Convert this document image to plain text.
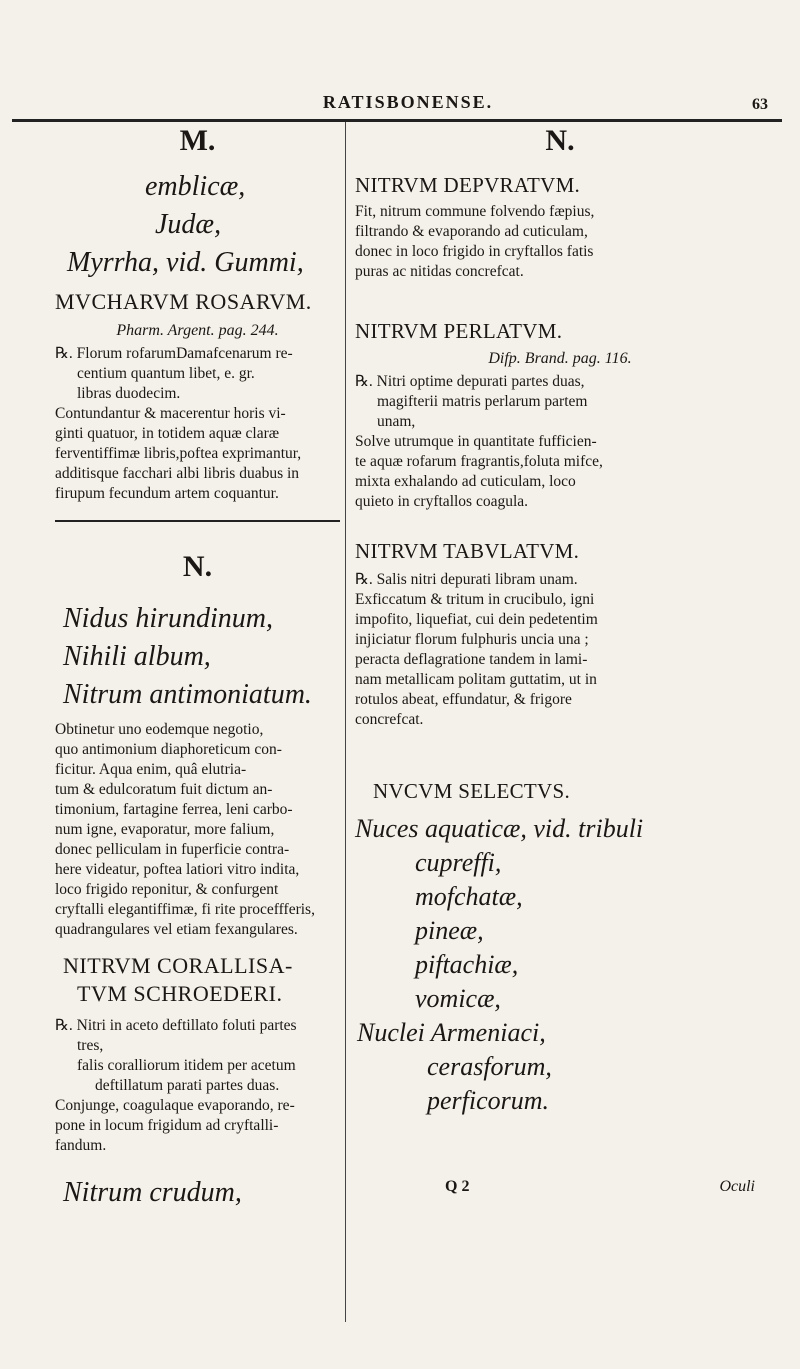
RATISBONENSE.	63

M.

emblicæ,

Judæ,

Myrrha, vid. Gummi,

MVCHARVM ROSARVM.

Pharm. Argent. pag. 244.

℞. Florum rofarumDamafcenarum re-

centium quantum libet, e. gr.

libras duodecim.

Contundantur & macerentur horis vi-

ginti quatuor, in totidem aquæ claræ

ferventiffimæ libris,poftea exprimantur,

additisque facchari albi libris duabus in

firupum fecundum artem coquantur.

N.

Nidus hirundinum,

Nihili album,

Nitrum antimoniatum.

Obtinetur uno eodemque negotio,

quo antimonium diaphoreticum con-

ficitur. Aqua enim, quâ elutria-

tum & edulcoratum fuit dictum an-

timonium, fartagine ferrea, leni carbo-

num igne, evaporatur, more falium,

donec pelliculam in fuperficie contra-

here videatur, poftea latiori vitro indita,

loco frigido reponitur, & confurgent

cryftalli elegantiffimæ, fi rite proceffferis,

quadrangulares vel etiam fexangulares.

NITRVM CORALLISA-

TVM SCHROEDERI.

℞. Nitri in aceto deftillato foluti partes

tres,

falis coralliorum itidem per acetum

deftillatum parati partes duas.

Conjunge, coagulaque evaporando, re-

pone in locum frigidum ad cryftalli-

fandum.

Nitrum crudum,

N.

NITRVM DEPVRATVM.

Fit, nitrum commune folvendo fæpius,

filtrando & evaporando ad cuticulam,

donec in loco frigido in cryftallos fatis

puras ac nitidas concrefcat.

NITRVM PERLATVM.

Difp. Brand. pag. 116.

℞. Nitri optime depurati partes duas,

magifterii matris perlarum partem

unam,

Solve utrumque in quantitate fufficien-

te aquæ rofarum fragrantis,foluta mifce,

mixta exhalando ad cuticulam, loco

quieto in cryftallos coagula.

NITRVM TABVLATVM.

℞. Salis nitri depurati libram unam.

Exficcatum & tritum in crucibulo, igni

impofito, liquefiat, cui dein pedetentim

injiciatur florum fulphuris uncia una ;

peracta deflagratione tandem in lami-

nam metallicam politam guttatim, ut in

rotulos abeat, effundatur, & frigore

concrefcat.

NVCVM SELECTVS.

Nuces aquaticæ, vid. tribuli

cupreffi,

mofchatæ,

pineæ,

piftachiæ,

vomicæ,

Nuclei Armeniaci,

cerasforum,

perficorum.

Q 2	Oculi
